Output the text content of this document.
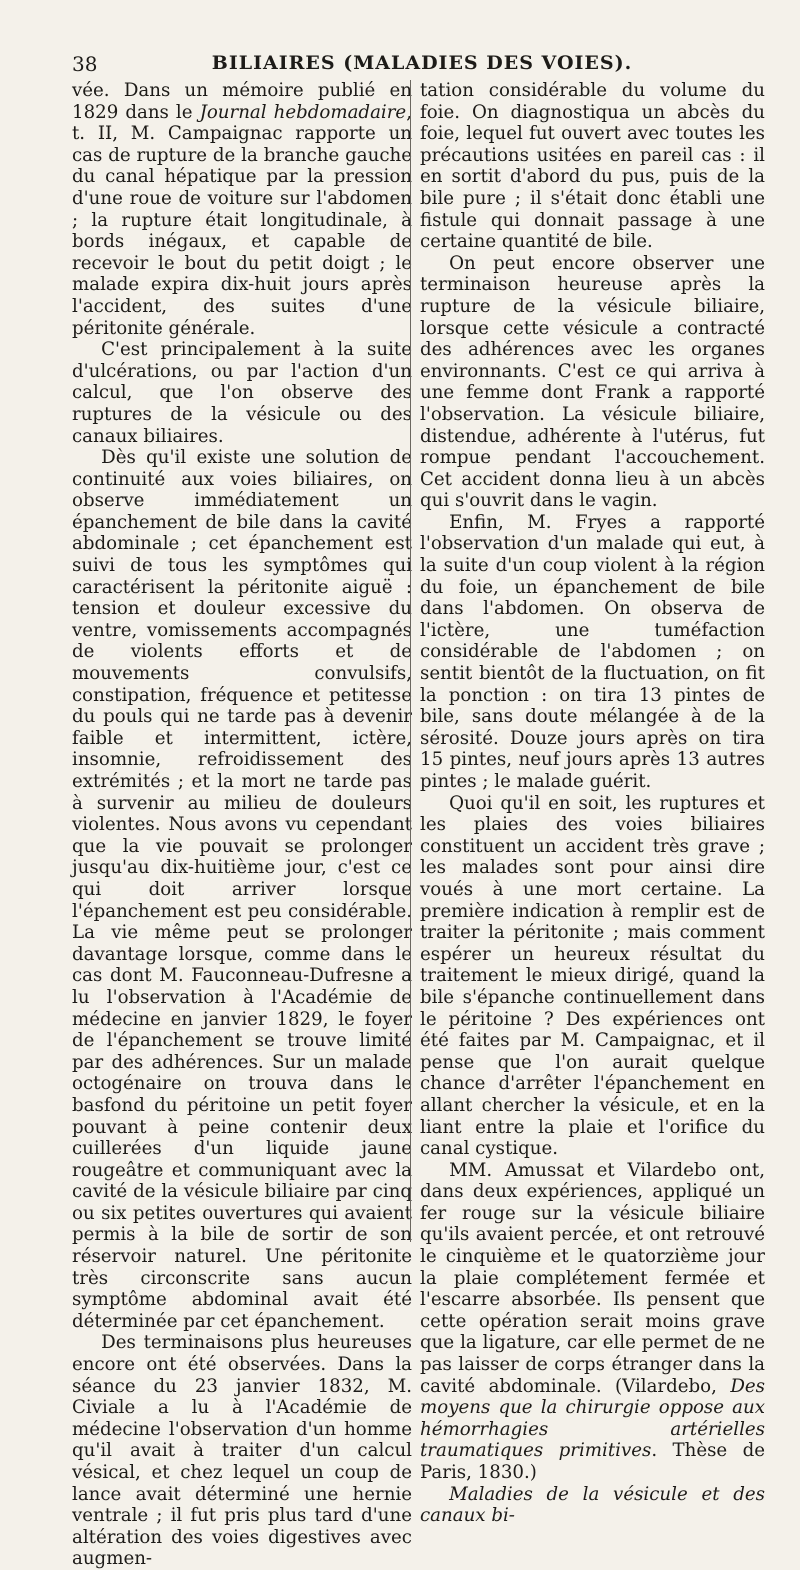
38	BILIAIRES (MALADIES DES VOIES).

vée. Dans un mémoire publié en 1829 dans le Journal hebdomadaire, t. II, M. Campaignac rapporte un cas de rupture de la branche gauche du canal hépatique par la pression d'une roue de voiture sur l'abdomen ; la rupture était longitudinale, à bords inégaux, et capable de recevoir le bout du petit doigt ; le malade expira dix-huit jours après l'accident, des suites d'une péritonite générale.

C'est principalement à la suite d'ulcérations, ou par l'action d'un calcul, que l'on observe des ruptures de la vésicule ou des canaux biliaires.

Dès qu'il existe une solution de continuité aux voies biliaires, on observe immédiatement un épanchement de bile dans la cavité abdominale ; cet épanchement est suivi de tous les symptômes qui caractérisent la péritonite aiguë : tension et douleur excessive du ventre, vomissements accompagnés de violents efforts et de mouvements convulsifs, constipation, fréquence et petitesse du pouls qui ne tarde pas à devenir faible et intermittent, ictère, insomnie, refroidissement des extrémités ; et la mort ne tarde pas à survenir au milieu de douleurs violentes. Nous avons vu cependant que la vie pouvait se prolonger jusqu'au dix-huitième jour, c'est ce qui doit arriver lorsque l'épanchement est peu considérable. La vie même peut se prolonger davantage lorsque, comme dans le cas dont M. Fauconneau-Dufresne a lu l'observation à l'Académie de médecine en janvier 1829, le foyer de l'épanchement se trouve limité par des adhérences. Sur un malade octogénaire on trouva dans le basfond du péritoine un petit foyer pouvant à peine contenir deux cuillerées d'un liquide jaune rougeâtre et communiquant avec la cavité de la vésicule biliaire par cinq ou six petites ouvertures qui avaient permis à la bile de sortir de son réservoir naturel. Une péritonite très circonscrite sans aucun symptôme abdominal avait été déterminée par cet épanchement.

Des terminaisons plus heureuses encore ont été observées. Dans la séance du 23 janvier 1832, M. Civiale a lu à l'Académie de médecine l'observation d'un homme qu'il avait à traiter d'un calcul vésical, et chez lequel un coup de lance avait déterminé une hernie ventrale ; il fut pris plus tard d'une altération des voies digestives avec augmen-

tation considérable du volume du foie. On diagnostiqua un abcès du foie, lequel fut ouvert avec toutes les précautions usitées en pareil cas : il en sortit d'abord du pus, puis de la bile pure ; il s'était donc établi une fistule qui donnait passage à une certaine quantité de bile.

On peut encore observer une terminaison heureuse après la rupture de la vésicule biliaire, lorsque cette vésicule a contracté des adhérences avec les organes environnants. C'est ce qui arriva à une femme dont Frank a rapporté l'observation. La vésicule biliaire, distendue, adhérente à l'utérus, fut rompue pendant l'accouchement. Cet accident donna lieu à un abcès qui s'ouvrit dans le vagin.

Enfin, M. Fryes a rapporté l'observation d'un malade qui eut, à la suite d'un coup violent à la région du foie, un épanchement de bile dans l'abdomen. On observa de l'ictère, une tuméfaction considérable de l'abdomen ; on sentit bientôt de la fluctuation, on fit la ponction : on tira 13 pintes de bile, sans doute mélangée à de la sérosité. Douze jours après on tira 15 pintes, neuf jours après 13 autres pintes ; le malade guérit.

Quoi qu'il en soit, les ruptures et les plaies des voies biliaires constituent un accident très grave ; les malades sont pour ainsi dire voués à une mort certaine. La première indication à remplir est de traiter la péritonite ; mais comment espérer un heureux résultat du traitement le mieux dirigé, quand la bile s'épanche continuellement dans le péritoine ? Des expériences ont été faites par M. Campaignac, et il pense que l'on aurait quelque chance d'arrêter l'épanchement en allant chercher la vésicule, et en la liant entre la plaie et l'orifice du canal cystique.

MM. Amussat et Vilardebo ont, dans deux expériences, appliqué un fer rouge sur la vésicule biliaire qu'ils avaient percée, et ont retrouvé le cinquième et le quatorzième jour la plaie complétement fermée et l'escarre absorbée. Ils pensent que cette opération serait moins grave que la ligature, car elle permet de ne pas laisser de corps étranger dans la cavité abdominale. (Vilardebo, Des moyens que la chirurgie oppose aux hémorrhagies artérielles traumatiques primitives. Thèse de Paris, 1830.)

Maladies de la vésicule et des canaux bi-
